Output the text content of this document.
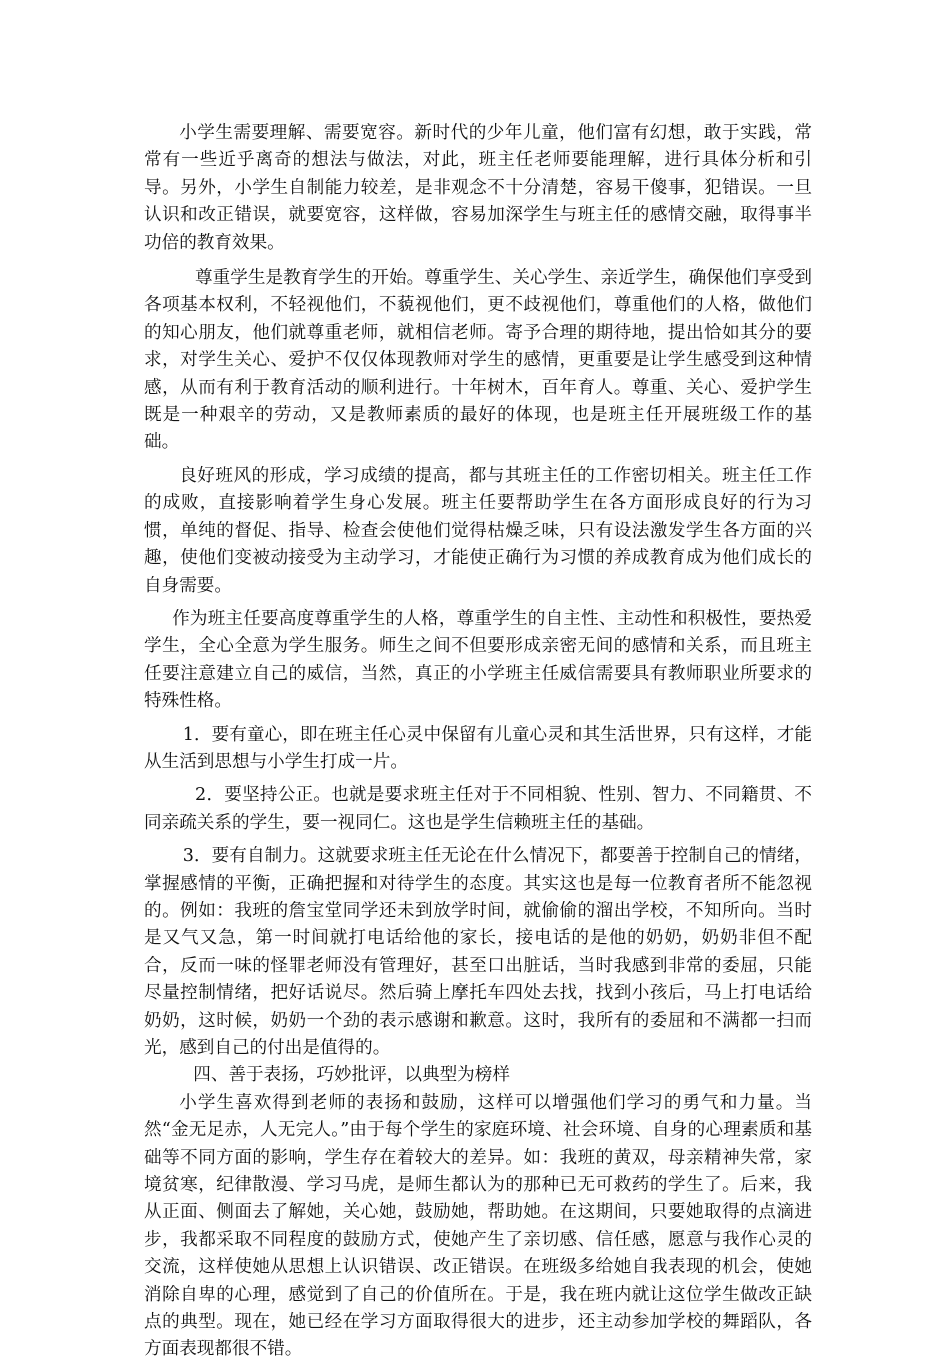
小学生需要理解、需要宽容。新时代的少年儿童，他们富有幻想，敢于实践，常常有一些近乎离奇的想法与做法，对此，班主任老师要能理解，进行具体分析和引导。另外，小学生自制能力较差，是非观念不十分清楚，容易干傻事，犯错误。一旦认识和改正错误，就要宽容，这样做，容易加深学生与班主任的感情交融，取得事半功倍的教育效果。

尊重学生是教育学生的开始。尊重学生、关心学生、亲近学生，确保他们享受到各项基本权利，不轻视他们，不藐视他们，更不歧视他们，尊重他们的人格，做他们的知心朋友，他们就尊重老师，就相信老师。寄予合理的期待地，提出恰如其分的要求，对学生关心、爱护不仅仅体现教师对学生的感情，更重要是让学生感受到这种情感，从而有利于教育活动的顺利进行。十年树木，百年育人。尊重、关心、爱护学生既是一种艰辛的劳动，又是教师素质的最好的体现，也是班主任开展班级工作的基础。

良好班风的形成，学习成绩的提高，都与其班主任的工作密切相关。班主任工作的成败，直接影响着学生身心发展。班主任要帮助学生在各方面形成良好的行为习惯，单纯的督促、指导、检查会使他们觉得枯燥乏味，只有设法激发学生各方面的兴趣，使他们变被动接受为主动学习，才能使正确行为习惯的养成教育成为他们成长的自身需要。

作为班主任要高度尊重学生的人格，尊重学生的自主性、主动性和积极性，要热爱学生，全心全意为学生服务。师生之间不但要形成亲密无间的感情和关系，而且班主任要注意建立自己的威信，当然，真正的小学班主任威信需要具有教师职业所要求的特殊性格。

1．要有童心，即在班主任心灵中保留有儿童心灵和其生活世界，只有这样，才能从生活到思想与小学生打成一片。

2．要坚持公正。也就是要求班主任对于不同相貌、性别、智力、不同籍贯、不同亲疏关系的学生，要一视同仁。这也是学生信赖班主任的基础。

3．要有自制力。这就要求班主任无论在什么情况下，都要善于控制自己的情绪，掌握感情的平衡，正确把握和对待学生的态度。其实这也是每一位教育者所不能忽视的。例如：我班的詹宝堂同学还未到放学时间，就偷偷的溜出学校，不知所向。当时是又气又急，第一时间就打电话给他的家长，接电话的是他的奶奶，奶奶非但不配合，反而一味的怪罪老师没有管理好，甚至口出脏话，当时我感到非常的委屈，只能尽量控制情绪，把好话说尽。然后骑上摩托车四处去找，找到小孩后，马上打电话给奶奶，这时候，奶奶一个劲的表示感谢和歉意。这时，我所有的委屈和不满都一扫而光，感到自己的付出是值得的。

四、善于表扬，巧妙批评，以典型为榜样

小学生喜欢得到老师的表扬和鼓励，这样可以增强他们学习的勇气和力量。当然“金无足赤，人无完人。”由于每个学生的家庭环境、社会环境、自身的心理素质和基础等不同方面的影响，学生存在着较大的差异。如：我班的黄双，母亲精神失常，家境贫寒，纪律散漫、学习马虎，是师生都认为的那种已无可救药的学生了。后来，我从正面、侧面去了解她，关心她，鼓励她，帮助她。在这期间，只要她取得的点滴进步，我都采取不同程度的鼓励方式，使她产生了亲切感、信任感，愿意与我作心灵的交流，这样使她从思想上认识错误、改正错误。在班级多给她自我表现的机会，使她消除自卑的心理，感觉到了自己的价值所在。于是，我在班内就让这位学生做改正缺点的典型。现在，她已经在学习方面取得很大的进步，还主动参加学校的舞蹈队，各方面表现都很不错。
